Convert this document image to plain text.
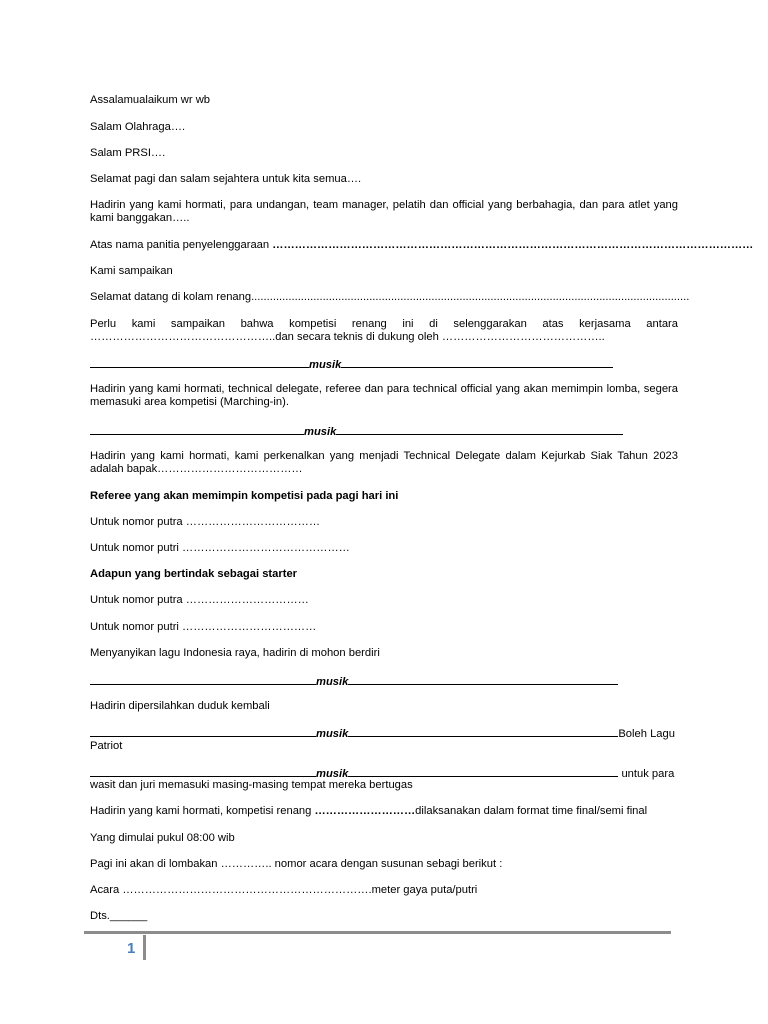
Assalamualaikum wr wb
Salam Olahraga….
Salam PRSI….
Selamat pagi dan salam sejahtera untuk kita semua….
Hadirin yang kami hormati, para undangan, team manager, pelatih dan official yang berbahagia, dan para atlet yang kami banggakan…..
Atas nama panitia penyelenggaraan …………………………………………………………………………………………………………………
Kami sampaikan
Selamat datang di kolam renang.............................................................................................................................................
Perlu kami sampaikan bahwa kompetisi renang ini di selenggarakan atas kerjasama antara …………………………………………..dan secara teknis di dukung oleh ……………………………………..
musik
Hadirin yang kami hormati, technical delegate, referee dan para technical official yang akan memimpin lomba, segera memasuki area kompetisi (Marching-in).
musik
Hadirin yang kami hormati, kami perkenalkan yang menjadi Technical Delegate dalam Kejurkab Siak Tahun 2023 adalah bapak…………………………………
Referee yang akan memimpin kompetisi pada pagi hari ini
Untuk nomor putra ………………………………
Untuk nomor putri ………………………………………
Adapun yang bertindak sebagai starter
Untuk nomor putra ……………………………
Untuk nomor putri ………………………………
Menyanyikan lagu Indonesia raya, hadirin di mohon berdiri
musik
Hadirin dipersilahkan duduk kembali
musik	Boleh Lagu
Patriot
musik	untuk para
wasit dan juri memasuki masing-masing tempat mereka bertugas
Hadirin yang kami hormati, kompetisi renang ………………………dilaksanakan dalam format time final/semi final
Yang dimulai pukul 08:00 wib
Pagi ini akan di lombakan ………….. nomor acara dengan susunan sebagi berikut :
Acara ………………………………………………………….meter gaya puta/putri
Dts.______
1
